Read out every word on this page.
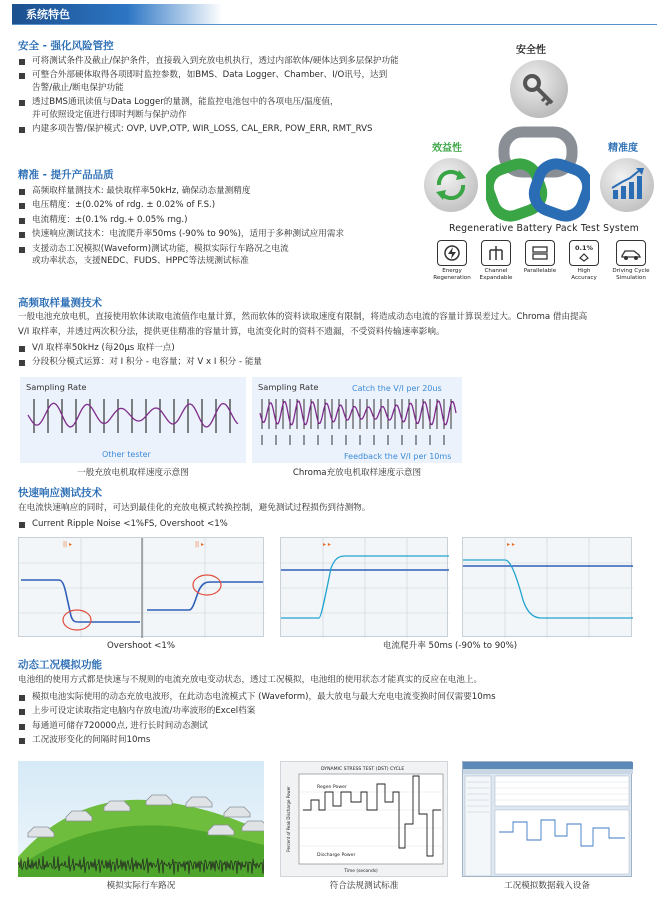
系统特色
安全 - 强化风险管控
可将测试条件及截止/保护条件，直接载入到充放电机执行，透过内部软体/硬体达到多层保护功能
可整合外部硬体取得各项即时监控参数，如BMS、Data Logger、Chamber、I/O讯号，达到
告警/截止/断电保护功能
透过BMS通讯读值与Data Logger的量测，能监控电池包中的各项电压/温度值，
并可依照设定值进行即时判断与保护动作
内建多项告警/保护模式: OVP, UVP,OTP, WIR_LOSS, CAL_ERR, POW_ERR, RMT_RVS
精准 - 提升产品品质
高频取样量测技术: 最快取样率50kHz, 确保动态量测精度
电压精度：±(0.02% of rdg. ± 0.02% of F.S.)
电流精度：±(0.1% rdg.+ 0.05% rng.)
快速响应测试技术：电流爬升率50ms (-90% to 90%)，适用于多种测试应用需求
支援动态工况模拟(Waveform)测试功能，模拟实际行车路况之电流
或功率状态，支援NEDC、FUDS、HPPC等法规测试标准
安全性
效益性	精准度
Regenerative Battery Pack Test System
Energy Regeneration
Channel Expandable
Parallelable
0.1%
High Accuracy
Driving Cycle Simulation
高频取样量测技术
一般电池充放电机，直接使用软体读取电流值作电量计算，然而软体的资料读取速度有限制，将造成动态电流的容量计算误差过大。Chroma 借由提高
V/I 取样率，并透过两次积分法，提供更佳精准的容量计算，电流变化时的资料不遗漏，不受资料传输速率影响。
V/I 取样率50kHz (每20µs 取样一点)
分段积分模式运算：对 I 积分 - 电容量；对 V x I 积分 - 能量
Sampling Rate
Other tester
一般充放电机取样速度示意图
Sampling Rate	Catch the V/I per 20us
Feedback the V/I per 10ms
Chroma充放电机取样速度示意图
快速响应测试技术
在电流快速响应的同时，可达到最佳化的充放电模式转换控制，避免测试过程损伤到待测物。
Current Ripple Noise <1%FS, Overshoot <1%
|| ▸	|| ▸
Overshoot <1%
▸ ▸	▸ ▸
电流爬升率 50ms (-90% to 90%)
动态工况模拟功能
电池组的使用方式都是快速与不规则的电流充放电变动状态，透过工况模拟，电池组的使用状态才能真实的反应在电池上。
模拟电池实际使用的动态充放电波形，在此动态电流模式下 (Waveform)，最大放电与最大充电电流变换时间仅需要10ms
上步可设定读取指定电脑内存放电流/功率波形的Excel档案
每通道可储存720000点, 进行长时间动态测试
工况波形变化的间隔时间10ms
模拟实际行车路况
DYNAMIC STRESS TEST (DST) CYCLE
Regen Power
Discharge Power
Time (seconds)
Percent of Peak Discharge Power
符合法规测试标准	工况模拟数据载入设备
